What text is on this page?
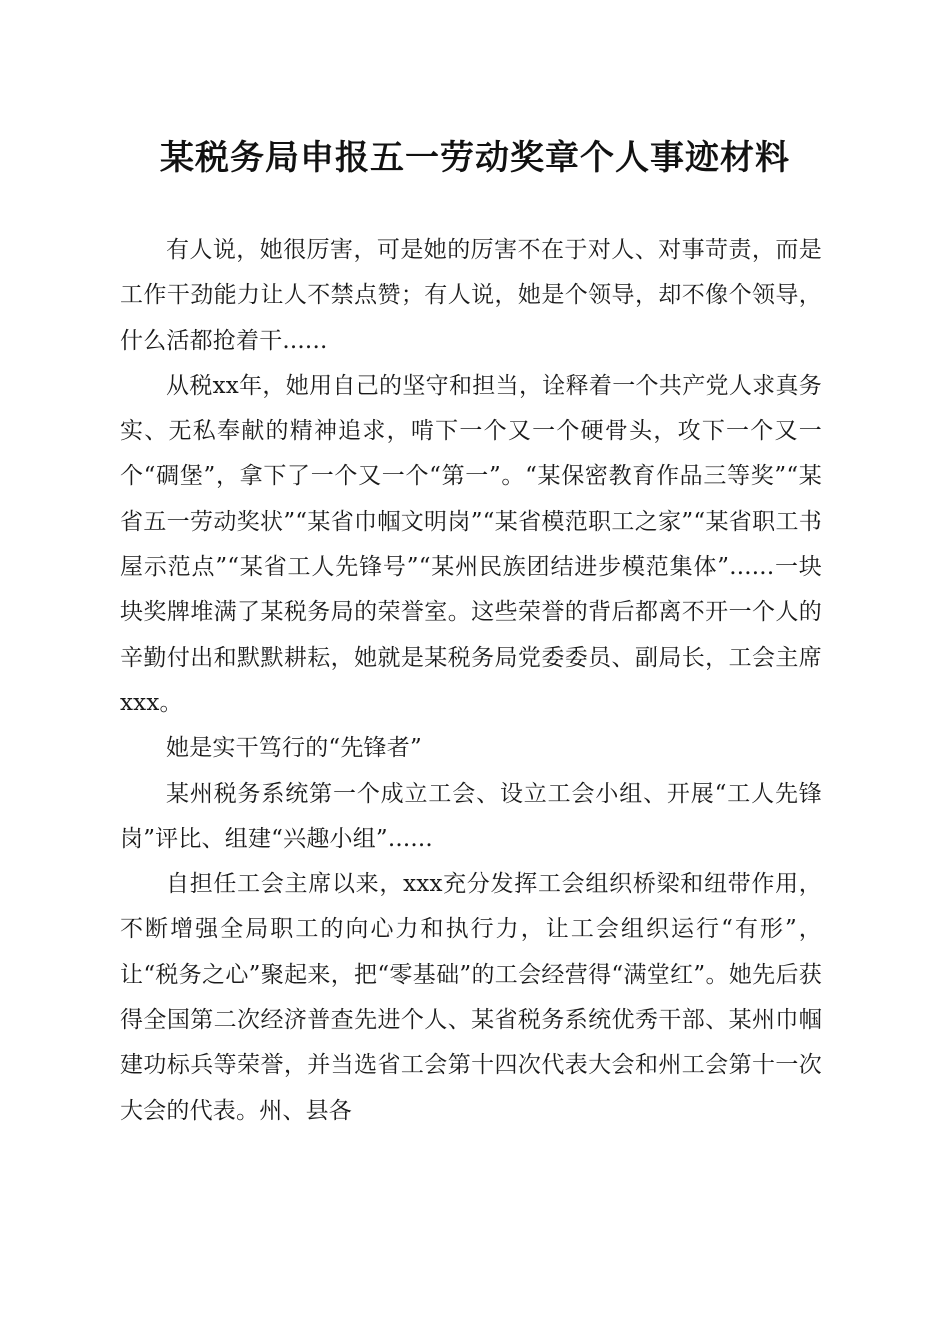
某税务局申报五一劳动奖章个人事迹材料

有人说，她很厉害，可是她的厉害不在于对人、对事苛责，而是工作干劲能力让人不禁点赞；有人说，她是个领导，却不像个领导，什么活都抢着干......

从税xx年，她用自己的坚守和担当，诠释着一个共产党人求真务实、无私奉献的精神追求，啃下一个又一个硬骨头，攻下一个又一个“碉堡”，拿下了一个又一个“第一”。“某保密教育作品三等奖”“某省五一劳动奖状”“某省巾帼文明岗”“某省模范职工之家”“某省职工书屋示范点”“某省工人先锋号”“某州民族团结进步模范集体”......一块块奖牌堆满了某税务局的荣誉室。这些荣誉的背后都离不开一个人的辛勤付出和默默耕耘，她就是某税务局党委委员、副局长，工会主席xxx。

她是实干笃行的“先锋者”

某州税务系统第一个成立工会、设立工会小组、开展“工人先锋岗”评比、组建“兴趣小组”......

自担任工会主席以来，xxx充分发挥工会组织桥梁和纽带作用，不断增强全局职工的向心力和执行力，让工会组织运行“有形”，让“税务之心”聚起来，把“零基础”的工会经营得“满堂红”。她先后获得全国第二次经济普查先进个人、某省税务系统优秀干部、某州巾帼建功标兵等荣誉，并当选省工会第十四次代表大会和州工会第十一次大会的代表。州、县各
